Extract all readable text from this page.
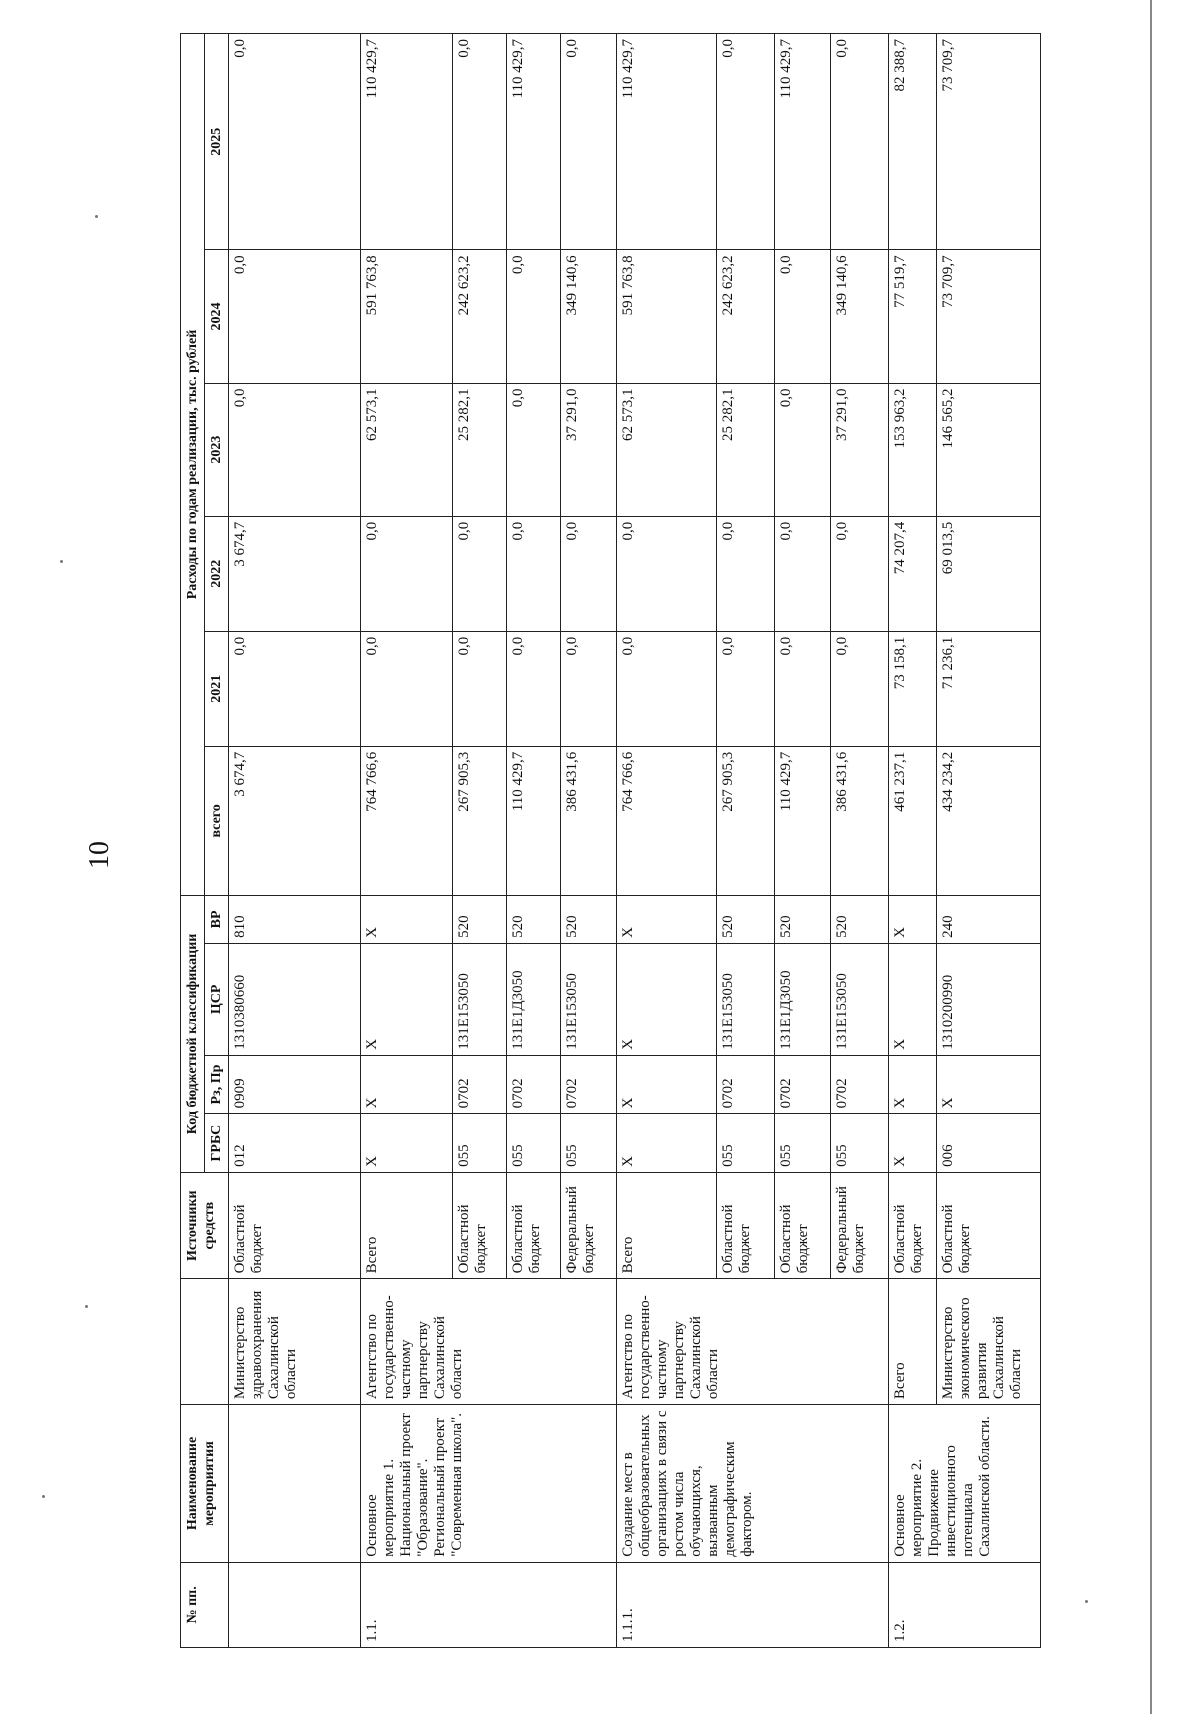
10
№ пп.	Наименование мероприятия		Источники средств	Код бюджетной классификации				Расходы по годам реализации, тыс. рублей					
				ГРБС	Рз, Пр	ЦСР	ВР	всего	2021	2022	2023	2024	2025
		Министерство здравоохранения Сахалинской области	Областной бюджет	012	0909	1310380660	810	3 674,7	0,0	3 674,7	0,0	0,0	0,0
1.1.	Основное мероприятие 1. Национальный проект "Образование". Региональный проект "Современная школа".	Агентство по государственно-частному партнерству Сахалинской области	Всего	X	X	X	X	764 766,6	0,0	0,0	62 573,1	591 763,8	110 429,7
			Областной бюджет	055	0702	131E153050	520	267 905,3	0,0	0,0	25 282,1	242 623,2	0,0
			Областной бюджет	055	0702	131E1Д3050	520	110 429,7	0,0	0,0	0,0	0,0	110 429,7
			Федеральный бюджет	055	0702	131E153050	520	386 431,6	0,0	0,0	37 291,0	349 140,6	0,0
1.1.1.	Создание мест в общеобразовательных организациях в связи с ростом числа обучающихся, вызванным демографическим фактором.	Агентство по государственно-частному партнерству Сахалинской области	Всего	X	X	X	X	764 766,6	0,0	0,0	62 573,1	591 763,8	110 429,7
			Областной бюджет	055	0702	131E153050	520	267 905,3	0,0	0,0	25 282,1	242 623,2	0,0
			Областной бюджет	055	0702	131E1Д3050	520	110 429,7	0,0	0,0	0,0	0,0	110 429,7
			Федеральный бюджет	055	0702	131E153050	520	386 431,6	0,0	0,0	37 291,0	349 140,6	0,0
1.2.	Основное мероприятие 2. Продвижение инвестиционного потенциала Сахалинской области.	Всего	Областной бюджет	X	X	X	X	461 237,1	73 158,1	74 207,4	153 963,2	77 519,7	82 388,7
		Министерство экономического развития Сахалинской области	Областной бюджет	006	X	1310200990	240	434 234,2	71 236,1	69 013,5	146 565,2	73 709,7	73 709,7
